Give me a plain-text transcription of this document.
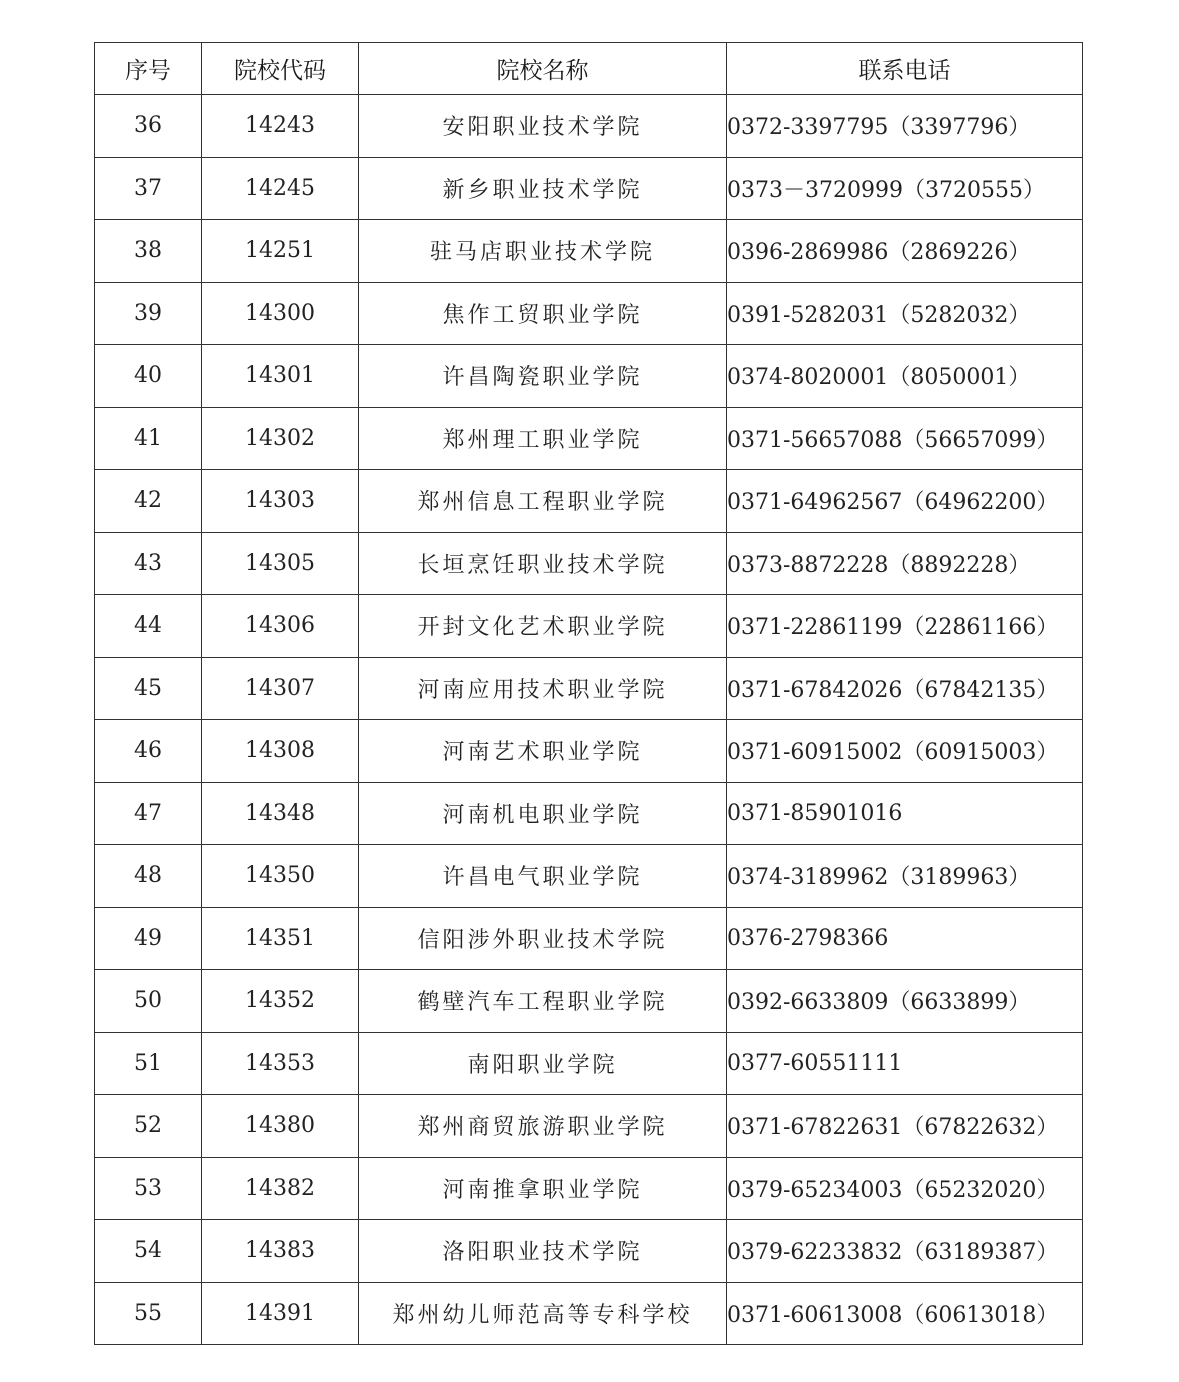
序号	院校代码	院校名称	联系电话
36	14243	安阳职业技术学院	0372-3397795（3397796）
37	14245	新乡职业技术学院	0373－3720999（3720555）
38	14251	驻马店职业技术学院	0396-2869986（2869226）
39	14300	焦作工贸职业学院	0391-5282031（5282032）
40	14301	许昌陶瓷职业学院	0374-8020001（8050001）
41	14302	郑州理工职业学院	0371-56657088（56657099）
42	14303	郑州信息工程职业学院	0371-64962567（64962200）
43	14305	长垣烹饪职业技术学院	0373-8872228（8892228）
44	14306	开封文化艺术职业学院	0371-22861199（22861166）
45	14307	河南应用技术职业学院	0371-67842026（67842135）
46	14308	河南艺术职业学院	0371-60915002（60915003）
47	14348	河南机电职业学院	0371-85901016
48	14350	许昌电气职业学院	0374-3189962（3189963）
49	14351	信阳涉外职业技术学院	0376-2798366
50	14352	鹤壁汽车工程职业学院	0392-6633809（6633899）
51	14353	南阳职业学院	0377-60551111
52	14380	郑州商贸旅游职业学院	0371-67822631（67822632）
53	14382	河南推拿职业学院	0379-65234003（65232020）
54	14383	洛阳职业技术学院	0379-62233832（63189387）
55	14391	郑州幼儿师范高等专科学校	0371-60613008（60613018）
